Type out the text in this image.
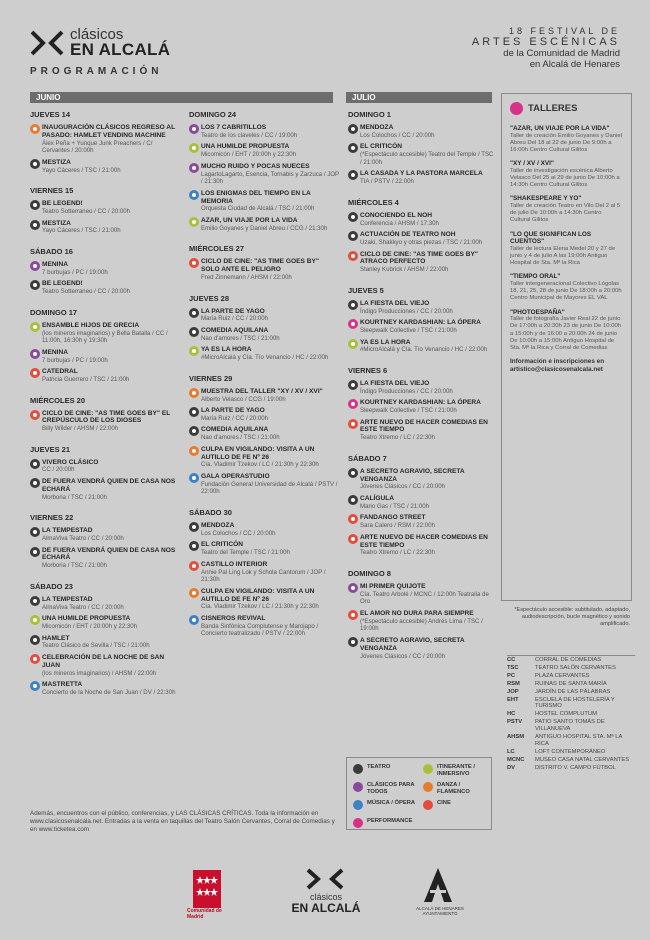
clásicos
EN ALCALÁ
PROGRAMACIÓN
18 FESTIVAL DE
ARTES ESCÉNICAS
de la Comunidad de Madrid
en Alcalá de Henares
JUNIO	JULIO
JUEVES 14
INAUGURACIÓN CLÁSICOS REGRESO AL PASADO: HAMLET VENDING MACHINE
Álex Peña + Yunque Junk Preachers / C/ Cervantes / 20:00h
MESTIZA
Yayo Cáceres / TSC / 21:00h
VIERNES 15
BE LEGEND!
Teatro Sotterraneo / CC / 20:00h
MESTIZA
Yayo Cáceres / TSC / 21:00h
SÁBADO 16
MENINA
7 burbujas / PC / 19:00h
BE LEGEND!
Teatro Sotterraneo / CC / 20:00h
DOMINGO 17
ENSAMBLE HIJOS DE GRECIA
(los mineros imaginarios) y Bella Batalla / CC / 11:00h, 16:30h y 19:30h
MENINA
7 burbujas / PC / 19:00h
CATEDRAL
Patricia Guerrero / TSC / 21:00h
MIÉRCOLES 20
CICLO DE CINE: "AS TIME GOES BY" EL CREPÚSCULO DE LOS DIOSES
Billy Wilder / AHSM / 22:00h
JUEVES 21
VIVERO CLÁSICO
CC / 20:00h
DE FUERA VENDRÁ QUIEN DE CASA NOS ECHARÁ
Morboria / TSC / 21:00h
VIERNES 22
LA TEMPESTAD
AlmaViva Teatro / CC / 20:00h
DE FUERA VENDRÁ QUIEN DE CASA NOS ECHARÁ
Morboria / TSC / 21:00h
SÁBADO 23
LA TEMPESTAD
AlmaViva Teatro / CC / 20:00h
UNA HUMILDE PROPUESTA
Micomicón / EHT / 20:00h y 22:30h
HAMLET
Teatro Clásico de Sevilla / TSC / 21:00h
CELEBRACIÓN DE LA NOCHE DE SAN JUAN
(los mineros imaginarios) / AHSM / 22:00h
MASTRETTA
Concierto de la Noche de San Juan / DV / 22:30h
DOMINGO 24
LOS 7 CABRITILLOS
Teatro de los claveles / CC / 19:00h
UNA HUMILDE PROPUESTA
Micomicón / EHT / 20:00h y 22:30h
MUCHO RUIDO Y POCAS NUECES
LagartoLagarto, Esencia, Tornabis y Zarzuca / JOP / 21:30h
LOS ENIGMAS DEL TIEMPO EN LA MEMORIA
Orquesta Ciudad de Alcalá / TSC / 21:00h
AZAR, UN VIAJE POR LA VIDA
Emilio Goyanes y Daniel Abreu / CCG / 21:30h
MIÉRCOLES 27
CICLO DE CINE: "AS TIME GOES BY" SOLO ANTE EL PELIGRO
Fred Zinnemann / AHSM / 22:00h
JUEVES 28
LA PARTE DE YAGO
María Ruiz / CC / 20:00h
COMEDIA AQUILANA
Nao d'amores / TSC / 21:00h
YA ES LA HORA
#MicroAlcalá y Cía. Tío Venancio / HC / 22:00h
VIERNES 29
MUESTRA DEL TALLER "XY / XV / XVI"
Alberto Velasco / CCG / 19:00h
LA PARTE DE YAGO
María Ruiz / CC / 20:00h
COMEDIA AQUILANA
Nao d'amores / TSC / 21:00h
CULPA EN VIGILANDO: VISITA A UN AUTILLO DE FE Nº 26
Cía. Vladimir Tzekov / LC / 21:30h y 22:30h
GALA OPERASTUDIO
Fundación General Universidad de Alcalá / PSTV / 22:00h
SÁBADO 30
MENDOZA
Los Colochos / CC / 20:00h
EL CRITICÓN
Teatro del Temple / TSC / 21:00h
CASTILLO INTERIOR
Annie Pal Ling Lok y Schola Cantorum / JOP / 21:30h
CULPA EN VIGILANDO: VISITA A UN AUTILLO DE FE Nº 26
Cía. Vladimir Tzekov / LC / 21:30h y 22:30h
CISNEROS REVIVAL
Banda Sinfónica Complutense y Marojapo / Concierto teatralizado / PSTV / 22:00h
DOMINGO 1
MENDOZA
Los Colochos / CC / 20:00h
EL CRITICÓN
(*Espectáculo accesible) Teatro del Temple / TSC / 21:00h
LA CASADA Y LA PASTORA MARCELA
TIA / PSTV / 22:00h
MIÉRCOLES 4
CONOCIENDO EL NOH
Conferencia / AHSM / 17:30h
ACTUACIÓN DE TEATRO NOH
Uzaki, Shakkyo y otras piezas / TSC / 21:00h
CICLO DE CINE: "AS TIME GOES BY" ATRACO PERFECTO
Stanley Kubrick / AHSM / 22:00h
JUEVES 5
LA FIESTA DEL VIEJO
Índigo Producciones / CC / 20:00h
KOURTNEY KARDASHIAN: LA ÓPERA
Sleepwalk Collective / TSC / 21:00h
YA ES LA HORA
#MicroAlcalá y Cía. Tío Venancio / HC / 22:00h
VIERNES 6
LA FIESTA DEL VIEJO
Índigo Producciones / CC / 20:00h
KOURTNEY KARDASHIAN: LA ÓPERA
Sleepwalk Collective / TSC / 21:00h
ARTE NUEVO DE HACER COMEDIAS EN ESTE TIEMPO
Teatro Xtremo / LC / 22:30h
SÁBADO 7
A SECRETO AGRAVIO, SECRETA VENGANZA
Jóvenes Clásicos / CC / 20:00h
CALÍGULA
Mario Gas / TSC / 21:00h
FANDANGO STREET
Sara Calero / RSM / 22:00h
ARTE NUEVO DE HACER COMEDIAS EN ESTE TIEMPO
Teatro Xtremo / LC / 22:30h
DOMINGO 8
MI PRIMER QUIJOTE
Cía. Teatro Arbolé / MCNC / 12:00h Teatralia de Oro
EL AMOR NO DURA PARA SIEMPRE
(*Espectáculo accesible) Andrés Lima / TSC / 19:00h
A SECRETO AGRAVIO, SECRETA VENGANZA
Jóvenes Clásicos / CC / 20:00h
TALLERES
"AZAR, UN VIAJE POR LA VIDA"
Taller de creación Emilio Goyanes y Daniel Abreu Del 18 al 22 de junio De 9:00h a 16:00h Centro Cultural Gilitos
"XY / XV / XVI"
Taller de investigación escénica Alberto Velasco Del 25 al 29 de junio De 10:00h a 14:30h Centro Cultural Gilitos
"SHAKESPEARE Y YO"
Taller de creación Teatro en Vilo Del 2 al 5 de julio De 10:00h a 14:30h Centro Cultural Gilitos
"LO QUE SIGNIFICAN LOS CUENTOS"
Taller de lectura Elena Medel 20 y 27 de junio y 4 de julio A las 19:00h Antiguo Hospital de Sta. Mª la Rica
"TIEMPO ORAL"
Taller intergeneracional Colectivo Lógolas 18, 21, 25, 28 de junio De 18:00h a 20:00h Centro Municipal de Mayores EL VAL
"PHOTOESPAÑA"
Taller de fotografía Javier Real 22 de junio De 17:00h a 20:30h 23 de junio De 10:00h a 15:00h y de 16:00 a 20:00h 24 de junio De 10:00h a 15:00h Antiguo Hospital de Sta. Mª la Rica y Corral de Comedias
Información e inscripciones en artistico@clasicosenalcala.net
*Espectáculo accesible: subtitulado, adaptado, audiodescripción, bucle magnético y sonido amplificado.
CC	CORRAL DE COMEDIAS
TSC	TEATRO SALÓN CERVANTES
PC	PLAZA CERVANTES
RSM	RUINAS DE SANTA MARÍA
JOP	JARDÍN DE LAS PÁLABRAS
EHT	ESCUELA DE HOSTELERÍA Y TURISMO
HC	HOSTEL COMPLUTUM
PSTV	PATIO SANTO TOMÁS DE VILLANUEVA
AHSM	ANTIGUO HOSPITAL STA. Mª LA RICA
LC	LOFT CONTEMPORÁNEO
MCNC	MUSEO CASA NATAL CERVANTES
DV	DISTRITO V. CAMPO FÚTBOL
TEATRO	ITINERANTE / INMERSIVO
CLÁSICOS PARA TODOS
DANZA / FLAMENCO
MÚSICA / ÓPERA	CINE
PERFORMANCE
Además, encuentros con el público, conferencias, y LAS CLÁSICAS CRÍTICAS. Toda la información en www.clasicosenalcala.net. Entradas a la venta en taquillas del Teatro Salón Cervantes, Corral de Comedias y en www.ticketea.com
Comunidad de Madrid
clásicos
EN ALCALÁ	ALCALÁ DE HENARES AYUNTAMIENTO
